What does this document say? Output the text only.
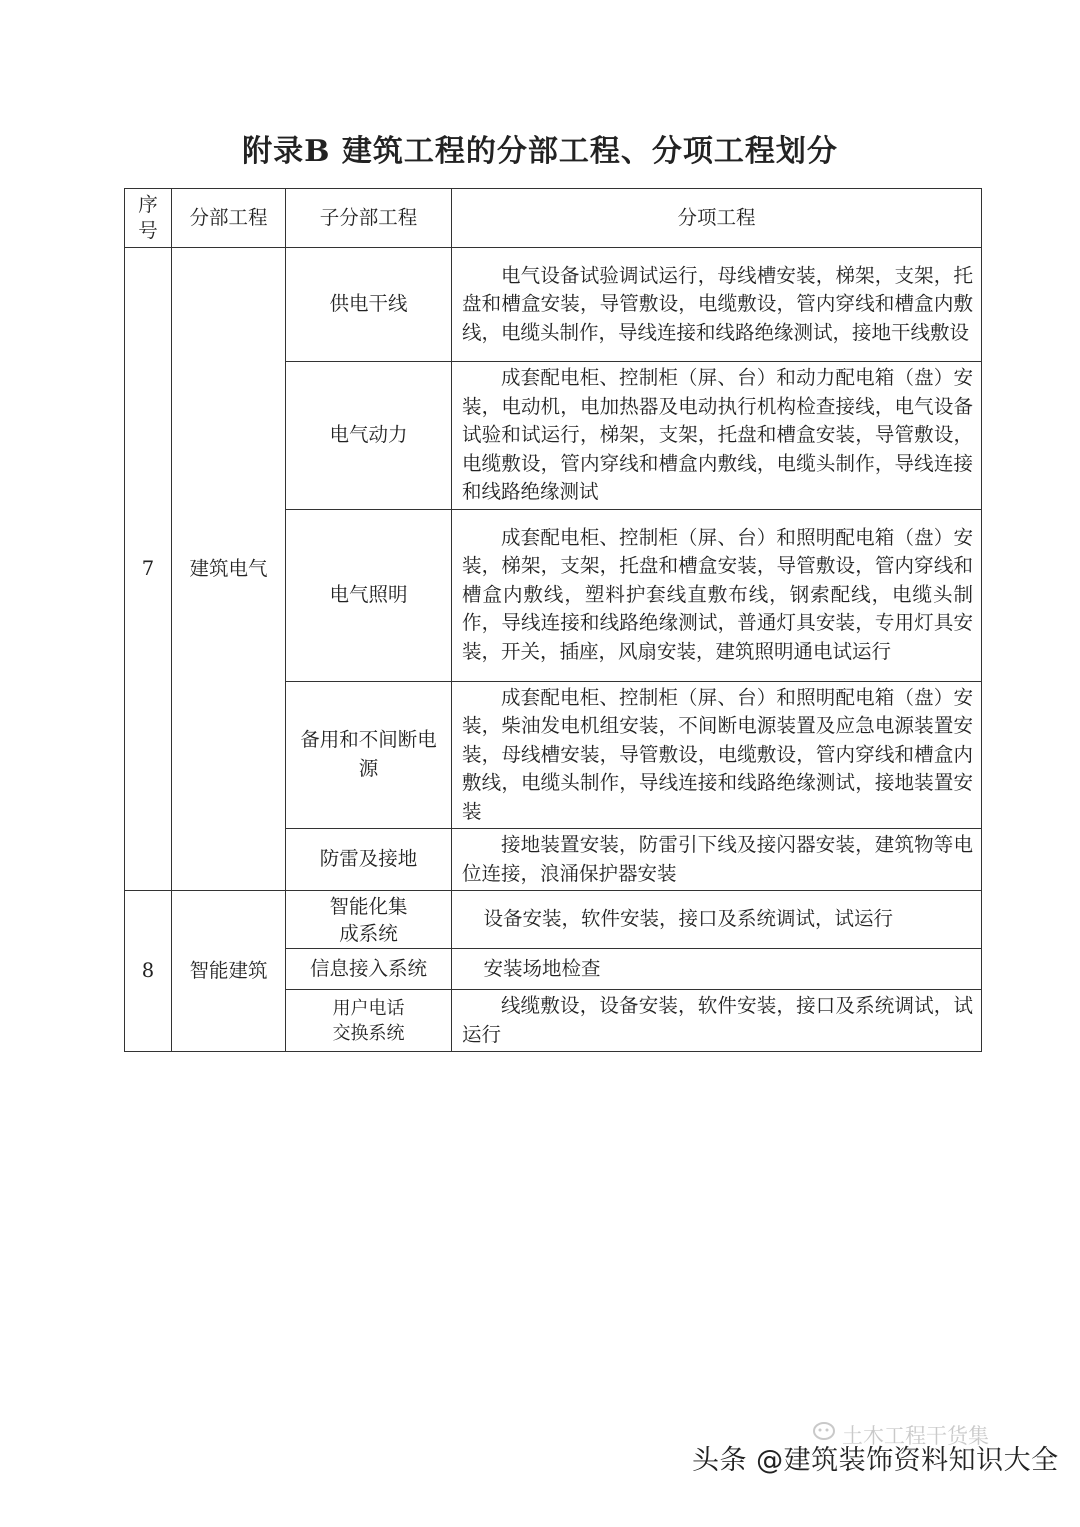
附录B 建筑工程的分部工程、分项工程划分
序号	分部工程	子分部工程	分项工程
7	建筑电气	供电干线	电气设备试验调试运行，母线槽安装，梯架，支架，托盘和槽盒安装，导管敷设，电缆敷设，管内穿线和槽盒内敷线，电缆头制作，导线连接和线路绝缘测试，接地干线敷设
		电气动力	成套配电柜、控制柜（屏、台）和动力配电箱（盘）安装，电动机，电加热器及电动执行机构检查接线，电气设备试验和试运行，梯架，支架，托盘和槽盒安装，导管敷设，电缆敷设，管内穿线和槽盒内敷线，电缆头制作，导线连接和线路绝缘测试
		电气照明	成套配电柜、控制柜（屏、台）和照明配电箱（盘）安装，梯架，支架，托盘和槽盒安装，导管敷设，管内穿线和槽盒内敷线，塑料护套线直敷布线，钢索配线，电缆头制作，导线连接和线路绝缘测试，普通灯具安装，专用灯具安装，开关，插座，风扇安装，建筑照明通电试运行
		备用和不间断电源	成套配电柜、控制柜（屏、台）和照明配电箱（盘）安装，柴油发电机组安装，不间断电源装置及应急电源装置安装，母线槽安装，导管敷设，电缆敷设，管内穿线和槽盒内敷线，电缆头制作，导线连接和线路绝缘测试，接地装置安装
		防雷及接地	接地装置安装，防雷引下线及接闪器安装，建筑物等电位连接，浪涌保护器安装
8	智能建筑	智能化集成系统	设备安装，软件安装，接口及系统调试，试运行
		信息接入系统	安装场地检查
		用户电话交换系统	线缆敷设，设备安装，软件安装，接口及系统调试，试运行
土木工程干货集
头条 @建筑装饰资料知识大全
